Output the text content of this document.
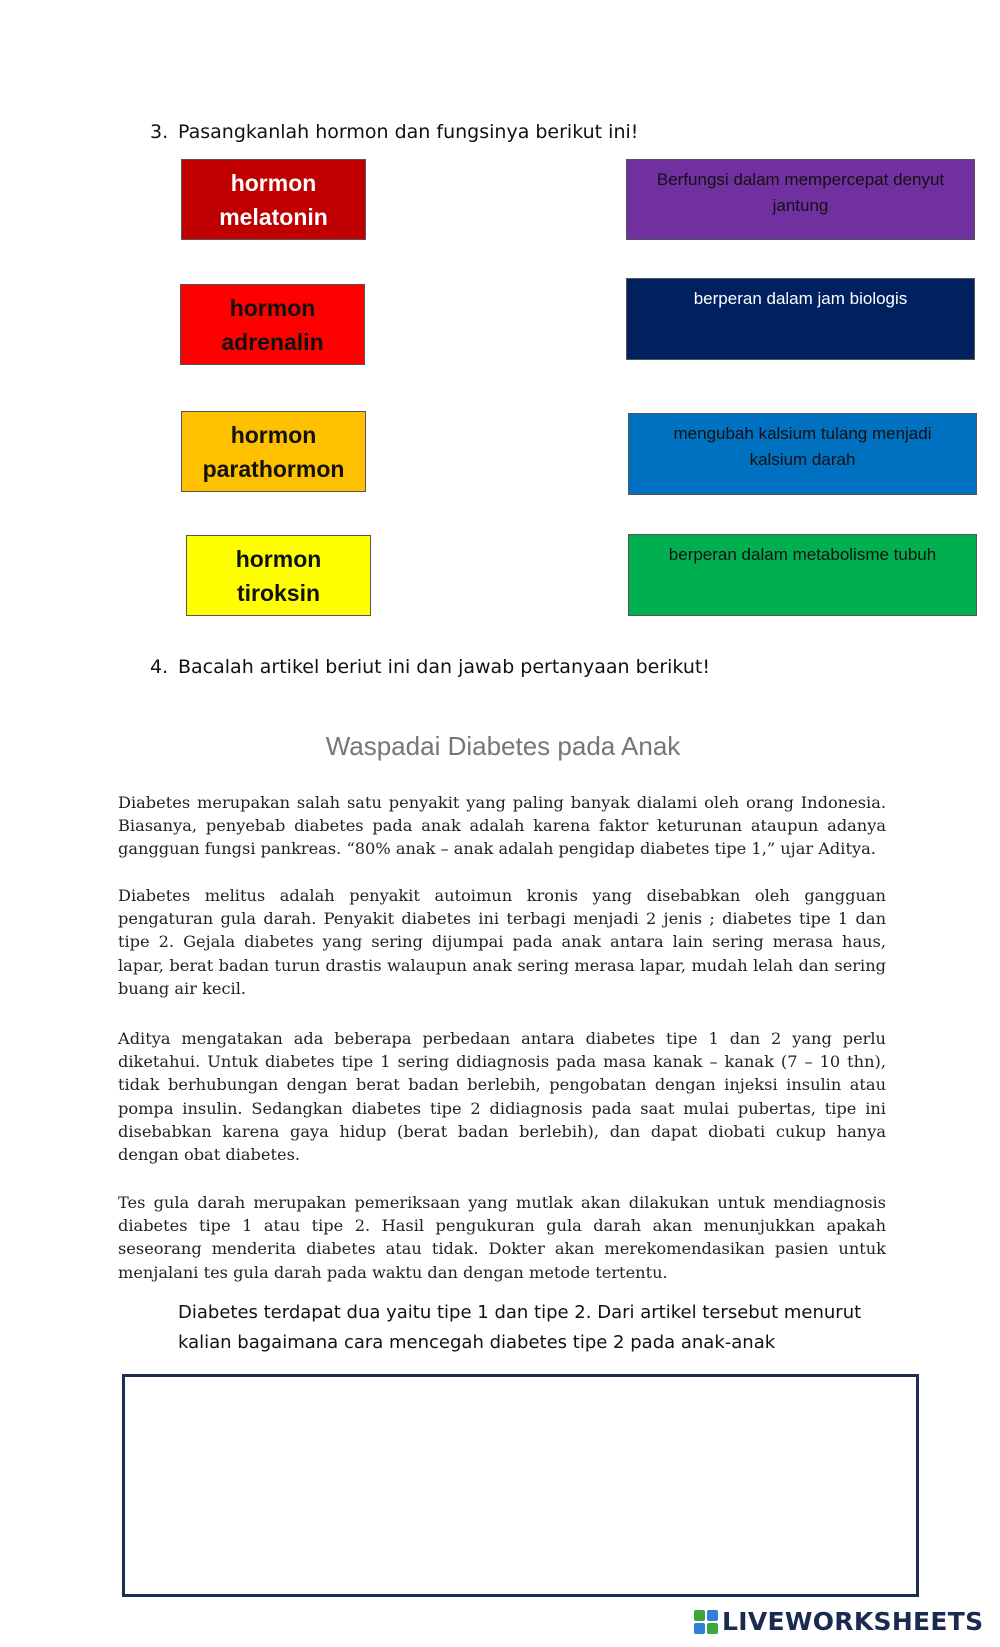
3. Pasangkanlah hormon dan fungsinya berikut ini!
hormon
melatonin
hormon
adrenalin
hormon
parathormon
hormon
tiroksin
Berfungsi dalam mempercepat denyut jantung
berperan dalam jam biologis
mengubah kalsium tulang menjadi kalsium darah
berperan dalam metabolisme tubuh
4. Bacalah artikel beriut ini dan jawab pertanyaan berikut!
Waspadai Diabetes pada Anak

Diabetes merupakan salah satu penyakit yang paling banyak dialami oleh orang Indonesia. Biasanya, penyebab diabetes pada anak adalah karena faktor keturunan ataupun adanya gangguan fungsi pankreas. “80% anak – anak adalah pengidap diabetes tipe 1,” ujar Aditya.

Diabetes melitus adalah penyakit autoimun kronis yang disebabkan oleh gangguan pengaturan gula darah. Penyakit diabetes ini terbagi menjadi 2 jenis ; diabetes tipe 1 dan tipe 2. Gejala diabetes yang sering dijumpai pada anak antara lain sering merasa haus, lapar, berat badan turun drastis walaupun anak sering merasa lapar, mudah lelah dan sering buang air kecil.

Aditya mengatakan ada beberapa perbedaan antara diabetes tipe 1 dan 2 yang perlu diketahui. Untuk diabetes tipe 1 sering didiagnosis pada masa kanak – kanak (7 – 10 thn), tidak berhubungan dengan berat badan berlebih, pengobatan dengan injeksi insulin atau pompa insulin. Sedangkan diabetes tipe 2 didiagnosis pada saat mulai pubertas, tipe ini disebabkan karena gaya hidup (berat badan berlebih), dan dapat diobati cukup hanya dengan obat diabetes.

Tes gula darah merupakan pemeriksaan yang mutlak akan dilakukan untuk mendiagnosis diabetes tipe 1 atau tipe 2. Hasil pengukuran gula darah akan menunjukkan apakah seseorang menderita diabetes atau tidak. Dokter akan merekomendasikan pasien untuk menjalani tes gula darah pada waktu dan dengan metode tertentu.

Diabetes terdapat dua yaitu tipe 1 dan tipe 2. Dari artikel tersebut menurut kalian bagaimana cara mencegah diabetes tipe 2 pada anak-anak

LIVEWORKSHEETS
